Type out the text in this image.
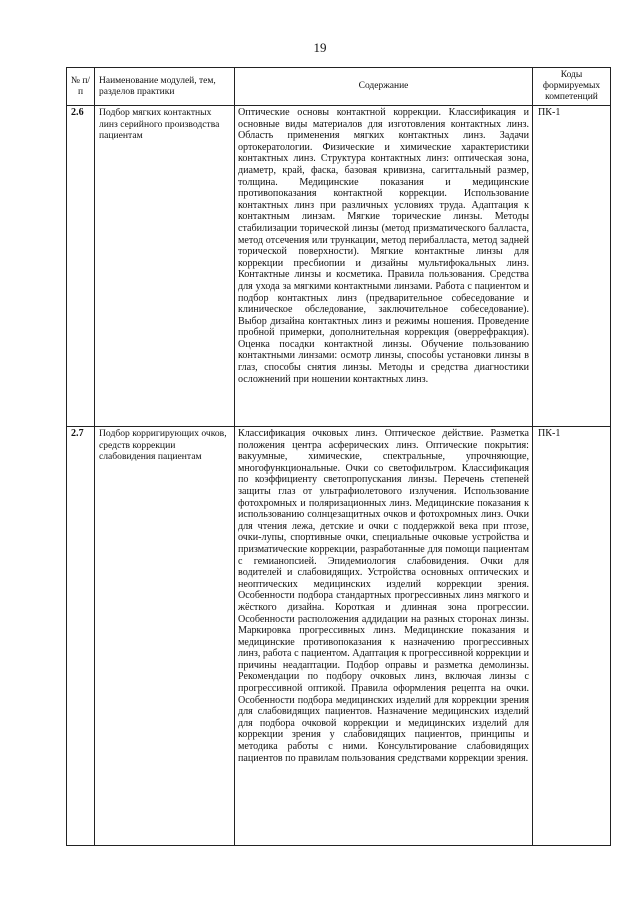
19
№ п/п	Наименование модулей, тем, разделов практики	Содержание	Коды формируемых компетенций
2.6	Подбор мягких контактных линз серийного производства пациентам	Оптические основы контактной коррекции. Классификация и основные виды материалов для изготовления контактных линз. Область применения мягких контактных линз. Задачи ортокератологии. Физические и химические характеристики контактных линз. Структура контактных линз: оптическая зона, диаметр, край, фаска, базовая кривизна, сагиттальный размер, толщина. Медицинские показания и медицинские противопоказания контактной коррекции. Использование контактных линз при различных условиях труда. Адаптация к контактным линзам. Мягкие торические линзы. Методы стабилизации торической линзы (метод призматического балласта, метод отсечения или трункации, метод перибалласта, метод задней торической поверхности). Мягкие контактные линзы для коррекции пресбиопии и дизайны мультифокальных линз. Контактные линзы и косметика. Правила пользования. Средства для ухода за мягкими контактными линзами. Работа с пациентом и подбор контактных линз (предварительное собеседование и клиническое обследование, заключительное собеседование). Выбор дизайна контактных линз и режимы ношения. Проведение пробной примерки, дополнительная коррекция (оверрефракция). Оценка посадки контактной линзы. Обучение пользованию контактными линзами: осмотр линзы, способы установки линзы в глаз, способы снятия линзы. Методы и средства диагностики осложнений при ношении контактных линз.	ПК-1
2.7	Подбор корригирующих очков, средств коррекции слабовидения пациентам	Классификация очковых линз. Оптическое действие. Разметка положения центра асферических линз. Оптические покрытия: вакуумные, химические, спектральные, упрочняющие, многофункциональные. Очки со светофильтром. Классификация по коэффициенту светопропускания линзы. Перечень степеней защиты глаз от ультрафиолетового излучения. Использование фотохромных и поляризационных линз. Медицинские показания к использованию солнцезащитных очков и фотохромных линз. Очки для чтения лежа, детские и очки с поддержкой века при птозе, очки-лупы, спортивные очки, специальные очковые устройства и призматические коррекции, разработанные для помощи пациентам с гемианопсией. Эпидемиология слабовидения. Очки для водителей и слабовидящих. Устройства основных оптических и неоптических медицинских изделий коррекции зрения. Особенности подбора стандартных прогрессивных линз мягкого и жёсткого дизайна. Короткая и длинная зона прогрессии. Особенности расположения аддидации на разных сторонах линзы. Маркировка прогрессивных линз. Медицинские показания и медицинские противопоказания к назначению прогрессивных линз, работа с пациентом. Адаптация к прогрессивной коррекции и причины неадаптации. Подбор оправы и разметка демолинзы. Рекомендации по подбору очковых линз, включая линзы с прогрессивной оптикой. Правила оформления рецепта на очки. Особенности подбора медицинских изделий для коррекции зрения для слабовидящих пациентов. Назначение медицинских изделий для подбора очковой коррекции и медицинских изделий для коррекции зрения у слабовидящих пациентов, принципы и методика работы с ними. Консультирование слабовидящих пациентов по правилам пользования средствами коррекции зрения.	ПК-1
